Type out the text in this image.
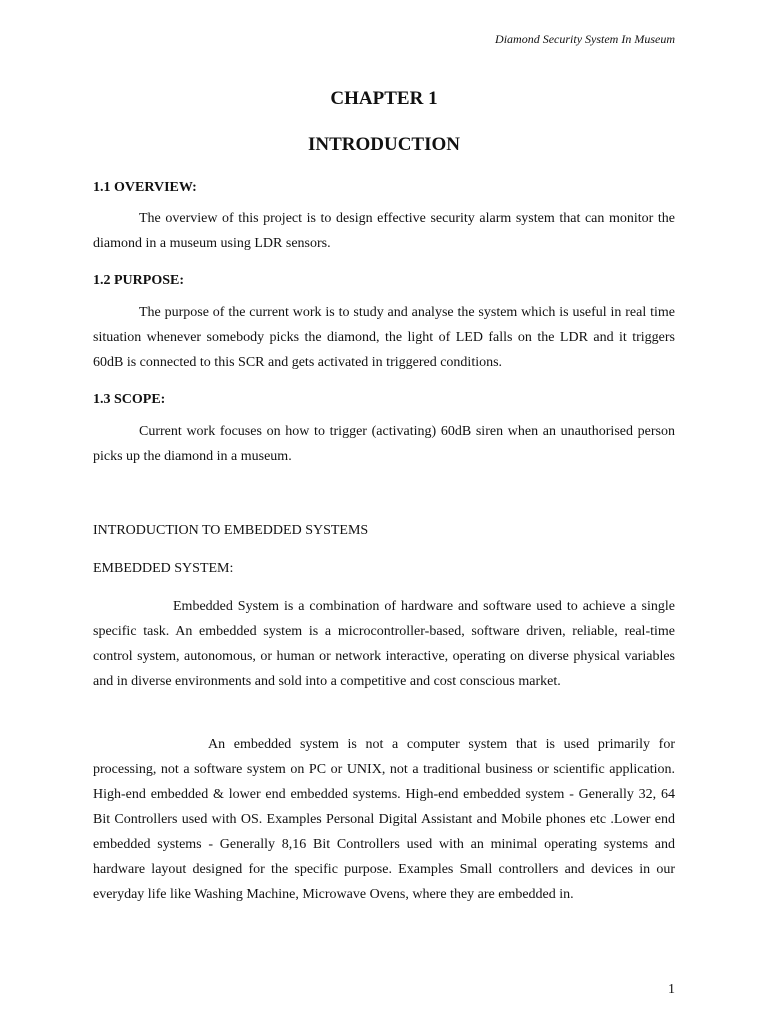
Diamond Security System In Museum
CHAPTER 1
INTRODUCTION
1.1 OVERVIEW:

The overview of this project is to design effective security alarm system that can monitor the diamond in a museum using LDR sensors.

1.2 PURPOSE:

The purpose of the current work is to study and analyse the system which is useful in real time situation whenever somebody picks the diamond, the light of LED falls on the LDR and it triggers 60dB is connected to this SCR and gets activated in triggered conditions.

1.3 SCOPE:

Current work focuses on how to trigger (activating) 60dB siren when an unauthorised person picks up the diamond in a museum.

INTRODUCTION TO EMBEDDED SYSTEMS
EMBEDDED SYSTEM:

Embedded System is a combination of hardware and software used to achieve a single specific task. An embedded system is a microcontroller-based, software driven, reliable, real-time control system, autonomous, or human or network interactive, operating on diverse physical variables and in diverse environments and sold into a competitive and cost conscious market.

An embedded system is not a computer system that is used primarily for processing, not a software system on PC or UNIX, not a traditional business or scientific application. High-end embedded & lower end embedded systems. High-end embedded system - Generally 32, 64 Bit Controllers used with OS. Examples Personal Digital Assistant and Mobile phones etc .Lower end embedded systems - Generally 8,16 Bit Controllers used with an minimal operating systems and hardware layout designed for the specific purpose. Examples Small controllers and devices in our everyday life like Washing Machine, Microwave Ovens, where they are embedded in.

1
